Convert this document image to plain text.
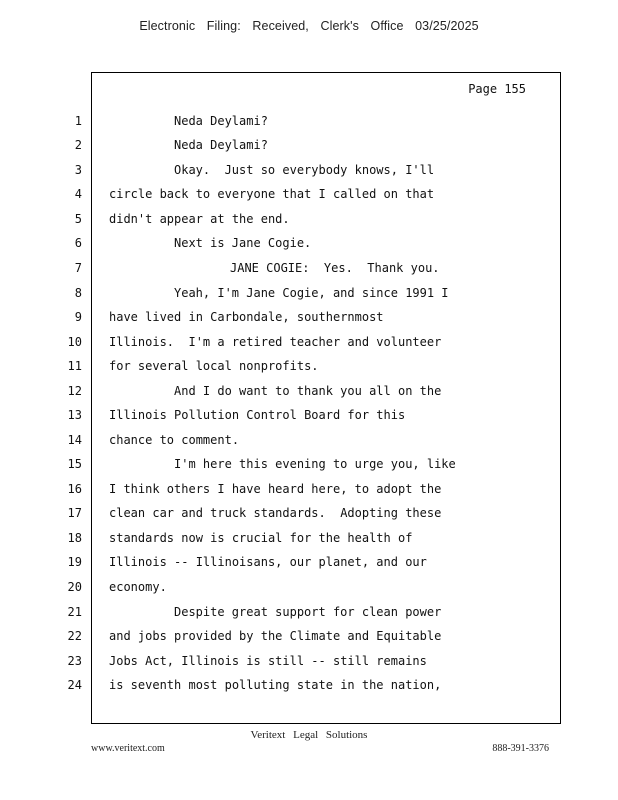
Electronic Filing: Received, Clerk's Office 03/25/2025
Page 155
1	Neda Deylami?
2	Neda Deylami?
3	Okay.  Just so everybody knows, I'll
4 circle back to everyone that I called on that
5 didn't appear at the end.
6	Next is Jane Cogie.
7	JANE COGIE:  Yes.  Thank you.
8	Yeah, I'm Jane Cogie, and since 1991 I
9 have lived in Carbondale, southernmost
10 Illinois.  I'm a retired teacher and volunteer
11 for several local nonprofits.
12	And I do want to thank you all on the
13 Illinois Pollution Control Board for this
14 chance to comment.
15	I'm here this evening to urge you, like
16 I think others I have heard here, to adopt the
17 clean car and truck standards.  Adopting these
18 standards now is crucial for the health of
19 Illinois -- Illinoisans, our planet, and our
20 economy.
21	Despite great support for clean power
22 and jobs provided by the Climate and Equitable
23 Jobs Act, Illinois is still -- still remains
24 is seventh most polluting state in the nation,
Veritext Legal Solutions
www.veritext.com	888-391-3376
